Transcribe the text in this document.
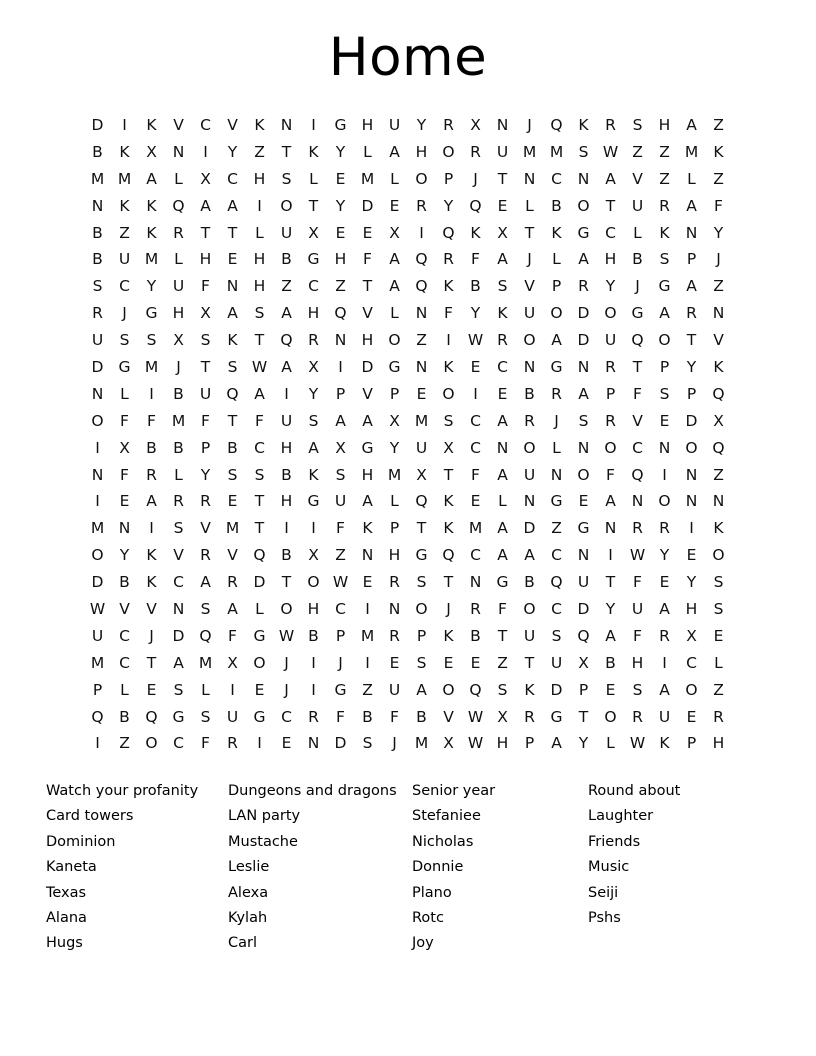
Home
D	I	K	V	C	V	K	N	I	G H U	Y	R	X	N	J	Q	K	R	S	H	A	Z
B	K	X	N	I	Y	Z	T	K	Y	L	A	H O	R	U M M S W Z	Z M K
M M A	L	X	C	H	S	L	E M	L	O	P	J	T	N	C	N	A	V	Z	L	Z
N	K	K	Q	A	A	I	O	T	Y	D	E	R	Y	Q	E	L	B	O	T	U	R	A	F
B	Z	K	R	T	T	L	U	X	E	E	X	I	Q	K	X	T	K	G	C	L	K	N	Y
B	U M	L	H	E	H	B	G H	F	A	Q	R	F	A	J	L	A	H	B	S	P	J
S	C	Y	U	F	N H	Z	C	Z	T	A	Q	K	B	S	V	P	R	Y	J	G	A	Z
R	J	G H	X	A	S	A	H Q	V	L	N	F	Y	K	U O D O G	A	R	N
U	S	S	X	S	K	T	Q	R	N H O	Z	I	W R	O	A	D U Q O	T	V
D G M	J	T	S W A	X	I	D G N	K	E	C	N G N	R	T	P	Y	K
N	L	I	B	U Q	A	I	Y	P	V	P	E	O	I	E	B	R	A	P	F	S	P	Q
O	F	F	M	F	T	F	U	S	A	A	X M S	C	A	R	J	S	R	V	E	D	X
I	X	B	B	P	B	C	H	A	X	G	Y	U	X	C	N O	L	N O C	N O Q
N	F	R	L	Y	S	S	B	K	S	H M X	T	F	A	U	N O	F	Q	I	N	Z
I	E	A	R	R	E	T	H G U	A	L	Q	K	E	L	N G	E	A	N O N N
M N	I	S	V M	T	I	I	F	K	P	T	K M A	D	Z	G N	R	R	I	K
O	Y	K	V	R	V	Q	B	X	Z	N H G Q C	A	A	C	N	I	W Y	E	O
D	B	K	C	A	R	D	T	O W E	R	S	T	N G	B	Q U	T	F	E	Y	S
W V	V	N	S	A	L	O H	C	I	N O	J	R	F	O C	D	Y	U	A	H	S
U	C	J	D Q	F	G W B	P	M R	P	K	B	T	U	S	Q	A	F	R	X	E
M C	T	A M X	O	J	I	J	I	E	S	E	E	Z	T	U	X	B	H	I	C	L
P	L	E	S	L	I	E	J	I	G	Z	U	A	O Q	S	K	D	P	E	S	A	O	Z
Q	B	Q G	S	U G	C	R	F	B	F	B	V W X	R	G	T	O	R	U	E	R
I	Z	O C	F	R	I	E	N D	S	J	M X W H	P	A	Y	L W K	P	H
Watch your profanity
Card towers
Dominion
Kaneta
Texas
Alana
Hugs
Dungeons and dragons
LAN party
Mustache
Leslie
Alexa
Kylah
Carl
Senior year
Stefaniee
Nicholas
Donnie
Plano
Rotc
Joy
Round about
Laughter
Friends
Music
Seiji
Pshs
